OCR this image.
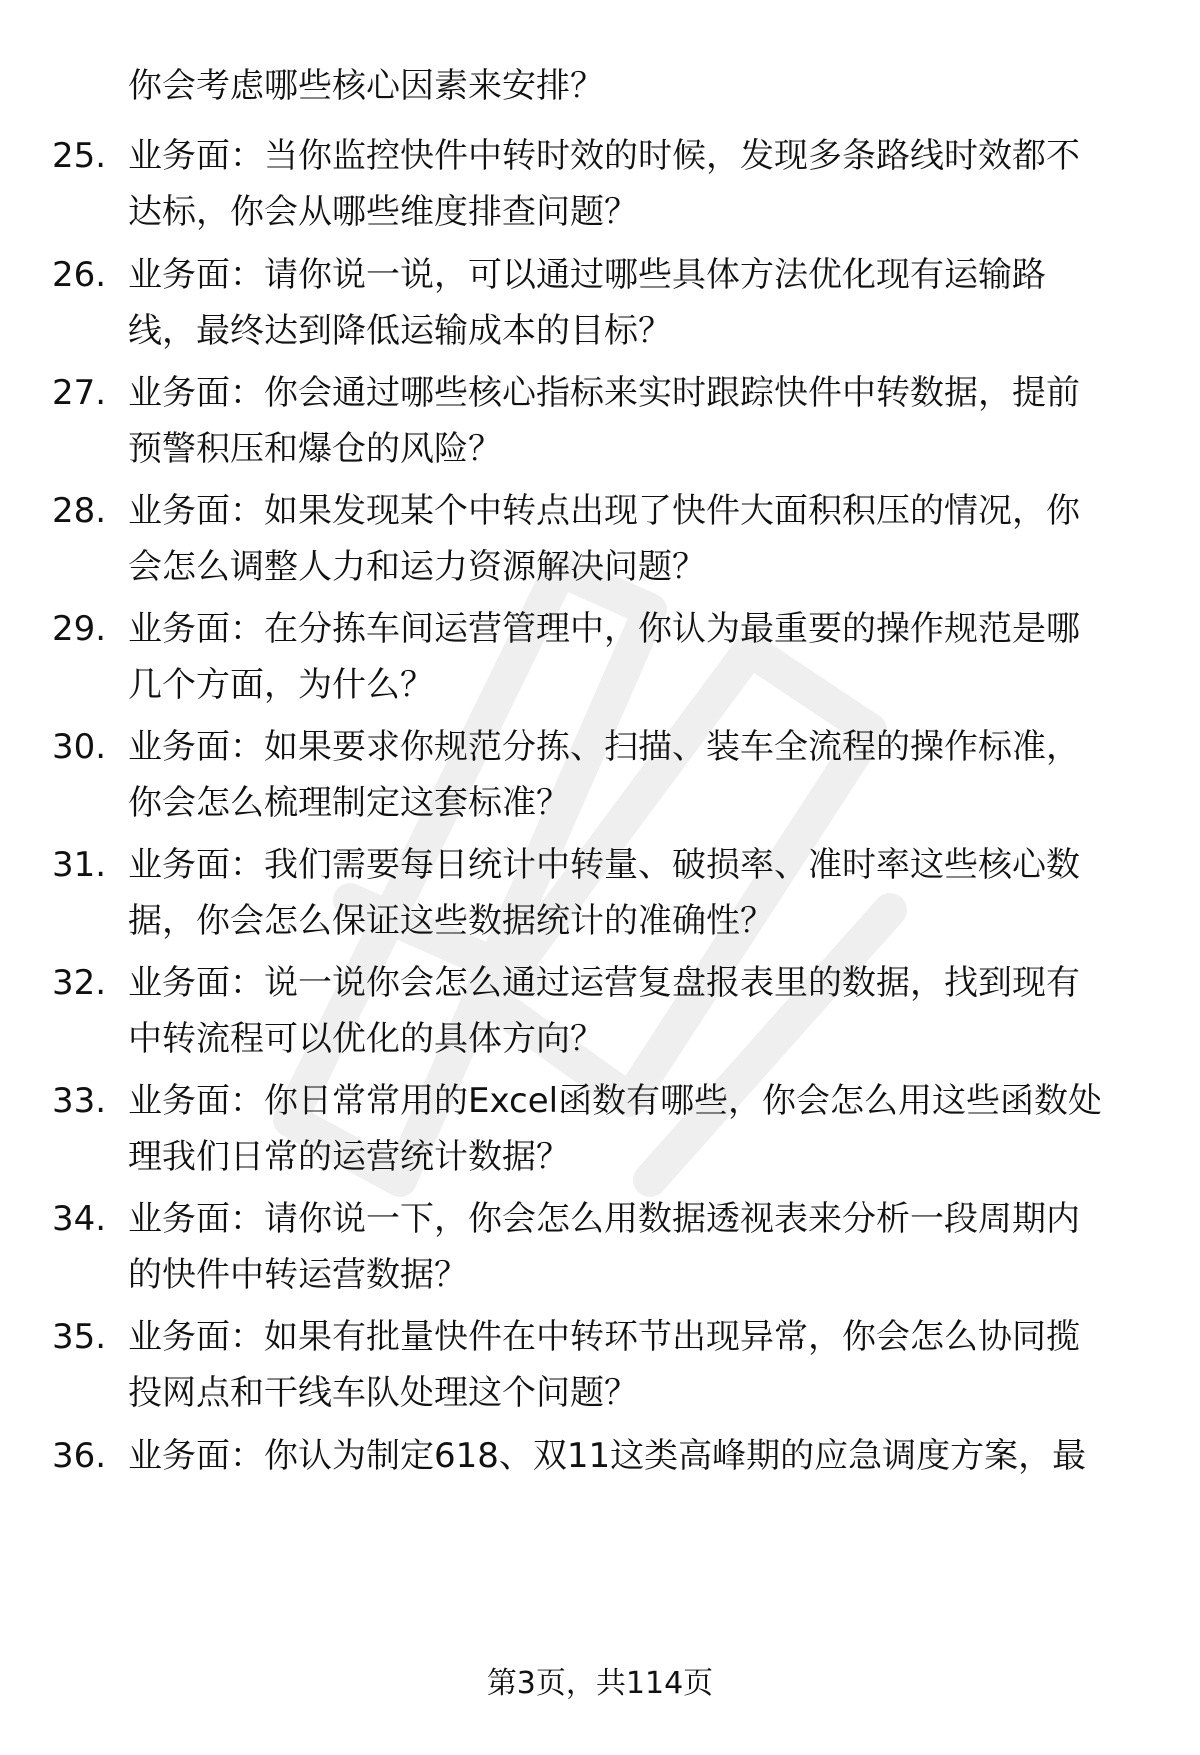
你会考虑哪些核心因素来安排？
25. 业务面：当你监控快件中转时效的时候，发现多条路线时效都不
达标，你会从哪些维度排查问题？
26. 业务面：请你说一说，可以通过哪些具体方法优化现有运输路
线，最终达到降低运输成本的目标？
27. 业务面：你会通过哪些核心指标来实时跟踪快件中转数据，提前
预警积压和爆仓的风险？
28. 业务面：如果发现某个中转点出现了快件大面积积压的情况，你
会怎么调整人力和运力资源解决问题？
29. 业务面：在分拣车间运营管理中，你认为最重要的操作规范是哪
几个方面，为什么？
30. 业务面：如果要求你规范分拣、扫描、装车全流程的操作标准，
你会怎么梳理制定这套标准？
31. 业务面：我们需要每日统计中转量、破损率、准时率这些核心数
据，你会怎么保证这些数据统计的准确性？
32. 业务面：说一说你会怎么通过运营复盘报表里的数据，找到现有
中转流程可以优化的具体方向？
33. 业务面：你日常常用的Excel函数有哪些，你会怎么用这些函数处
理我们日常的运营统计数据？
34. 业务面：请你说一下，你会怎么用数据透视表来分析一段周期内
的快件中转运营数据？
35. 业务面：如果有批量快件在中转环节出现异常，你会怎么协同揽
投网点和干线车队处理这个问题？
36. 业务面：你认为制定618、双11这类高峰期的应急调度方案，最
第3页，共114页
